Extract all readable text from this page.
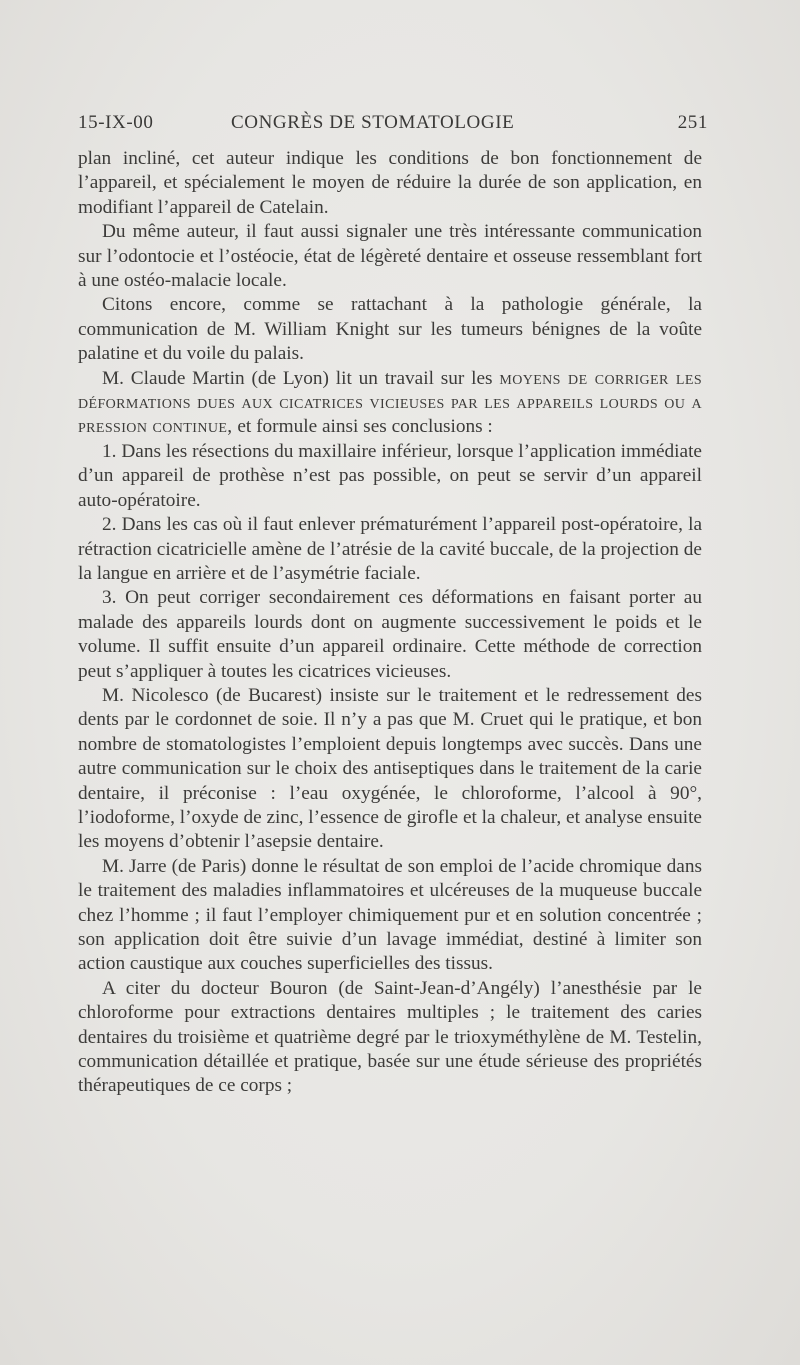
15-IX-00	CONGRÈS DE STOMATOLOGIE	251

plan incliné, cet auteur indique les conditions de bon fonctionnement de l’appareil, et spécialement le moyen de réduire la durée de son application, en modifiant l’appareil de Catelain.

Du même auteur, il faut aussi signaler une très intéressante communication sur l’odontocie et l’ostéocie, état de légèreté dentaire et osseuse ressemblant fort à une ostéo-malacie locale.

Citons encore, comme se rattachant à la pathologie générale, la communication de M. William Knight sur les tumeurs bénignes de la voûte palatine et du voile du palais.

M. Claude Martin (de Lyon) lit un travail sur les moyens de corriger les déformations dues aux cicatrices vicieuses par les appareils lourds ou a pression continue, et formule ainsi ses conclusions :

1. Dans les résections du maxillaire inférieur, lorsque l’application immédiate d’un appareil de prothèse n’est pas possible, on peut se servir d’un appareil auto-opératoire.

2. Dans les cas où il faut enlever prématurément l’appareil post-opératoire, la rétraction cicatricielle amène de l’atrésie de la cavité buccale, de la projection de la langue en arrière et de l’asymétrie faciale.

3. On peut corriger secondairement ces déformations en faisant porter au malade des appareils lourds dont on augmente successivement le poids et le volume. Il suffit ensuite d’un appareil ordinaire. Cette méthode de correction peut s’appliquer à toutes les cicatrices vicieuses.

M. Nicolesco (de Bucarest) insiste sur le traitement et le redressement des dents par le cordonnet de soie. Il n’y a pas que M. Cruet qui le pratique, et bon nombre de stomatologistes l’emploient depuis longtemps avec succès. Dans une autre communication sur le choix des antiseptiques dans le traitement de la carie dentaire, il préconise : l’eau oxygénée, le chloroforme, l’alcool à 90°, l’iodoforme, l’oxyde de zinc, l’essence de girofle et la chaleur, et analyse ensuite les moyens d’obtenir l’asepsie dentaire.

M. Jarre (de Paris) donne le résultat de son emploi de l’acide chromique dans le traitement des maladies inflammatoires et ulcéreuses de la muqueuse buccale chez l’homme ; il faut l’employer chimiquement pur et en solution concentrée ; son application doit être suivie d’un lavage immédiat, destiné à limiter son action caustique aux couches superficielles des tissus.

A citer du docteur Bouron (de Saint-Jean-d’Angély) l’anesthésie par le chloroforme pour extractions dentaires multiples ; le traitement des caries dentaires du troisième et quatrième degré par le trioxyméthylène de M. Testelin, communication détaillée et pratique, basée sur une étude sérieuse des propriétés thérapeutiques de ce corps ;
